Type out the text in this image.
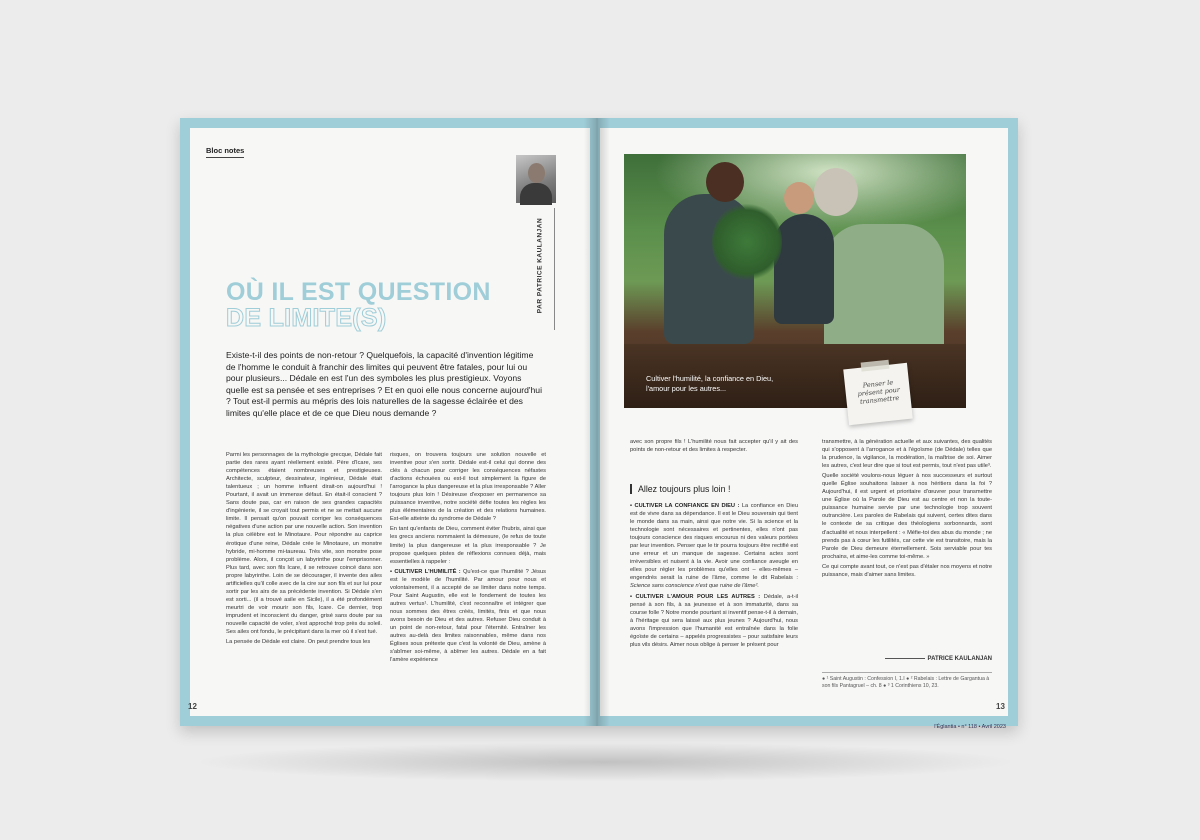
Bloc notes
PAR PATRICE KAULANJAN
OÙ IL EST QUESTION
DE LIMITE(S)
Existe-t-il des points de non-retour ? Quelquefois, la capacité d'invention légitime de l'homme le conduit à franchir des limites qui peuvent être fatales, pour lui ou pour plusieurs... Dédale en est l'un des symboles les plus prestigieux. Voyons quelle est sa pensée et ses entreprises ? Et en quoi elle nous concerne aujourd'hui ? Tout est-il permis au mépris des lois naturelles de la sagesse éclairée et des limites qu'elle place et de ce que Dieu nous demande ?

Parmi les personnages de la mythologie grecque, Dédale fait partie des rares ayant réellement existé. Père d'Icare, ses compétences étaient nombreuses et prestigieuses. Architecte, sculpteur, dessinateur, ingénieur, Dédale était talentueux ; un homme influent dirait-on aujourd'hui ! Pourtant, il avait un immense défaut. En était-il conscient ? Sans doute pas, car en raison de ses grandes capacités d'ingénierie, il se croyait tout permis et ne se mettait aucune limite. Il pensait qu'on pouvait corriger les conséquences négatives d'une action par une nouvelle action. Son invention la plus célèbre est le Minotaure. Pour répondre au caprice érotique d'une reine, Dédale crée le Minotaure, un monstre hybride, mi-homme mi-taureau. Très vite, son monstre pose problème. Alors, il conçoit un labyrinthe pour l'emprisonner. Plus tard, avec son fils Icare, il se retrouve coincé dans son propre labyrinthe. Loin de se décourager, il invente des ailes artificielles qu'il colle avec de la cire sur son fils et sur lui pour sortir par les airs de sa précédente invention. Si Dédale s'en est sorti... (il a trouvé asile en Sicile), il a été profondément meurtri de voir mourir son fils, Icare. Ce dernier, trop imprudent et inconscient du danger, grisé sans doute par sa nouvelle capacité de voler, s'est approché trop près du soleil. Ses ailes ont fondu, le précipitant dans la mer où il s'est tué.

La pensée de Dédale est claire. On peut prendre tous les

risques, on trouvera toujours une solution nouvelle et inventive pour s'en sortir. Dédale est-il celui qui donne des clés à chacun pour corriger les conséquences néfastes d'actions échouées ou est-il tout simplement la figure de l'arrogance la plus dangereuse et la plus irresponsable ? Aller toujours plus loin ! Désireuse d'exposer en permanence sa puissance inventive, notre société défie toutes les règles les plus élémentaires de la création et des relations humaines. Est-elle atteinte du syndrome de Dédale ?

En tant qu'enfants de Dieu, comment éviter l'hubris, ainsi que les grecs anciens nommaient la démesure, (le refus de toute limite) la plus dangereuse et la plus irresponsable ? Je propose quelques pistes de réflexions connues déjà, mais essentielles à rappeler :

• CULTIVER L'HUMILITÉ : Qu'est-ce que l'humilité ? Jésus est le modèle de l'humilité. Par amour pour nous et volontairement, il a accepté de se limiter dans notre temps. Pour Saint Augustin, elle est le fondement de toutes les autres vertus¹. L'humilité, c'est reconnaître et intégrer que nous sommes des êtres créés, limités, finis et que nous avons besoin de Dieu et des autres. Refuser Dieu conduit à un point de non-retour, fatal pour l'éternité. Entraîner les autres au-delà des limites raisonnables, même dans nos Églises sous prétexte que c'est la volonté de Dieu, amène à s'abîmer soi-même, à abîmer les autres. Dédale en a fait l'amère expérience

12
Cultiver l'humilité, la confiance en Dieu, l'amour pour les autres...	Penser le présent pour transmettre

avec son propre fils ! L'humilité nous fait accepter qu'il y ait des points de non-retour et des limites à respecter.

Allez toujours plus loin !

• CULTIVER LA CONFIANCE EN DIEU : La confiance en Dieu est de vivre dans sa dépendance. Il est le Dieu souverain qui tient le monde dans sa main, ainsi que notre vie. Si la science et la technologie sont nécessaires et pertinentes, elles n'ont pas toujours conscience des risques encourus ni des valeurs portées par leur invention. Penser que le tir pourra toujours être rectifié est une erreur et un manque de sagesse. Certains actes sont irréversibles et nuisent à la vie. Avoir une confiance aveugle en elles pour régler les problèmes qu'elles ont – elles-mêmes – engendrés serait la ruine de l'âme, comme le dit Rabelais : Science sans conscience n'est que ruine de l'âme².

• CULTIVER L'AMOUR POUR LES AUTRES : Dédale, a-t-il pensé à son fils, à sa jeunesse et à son immaturité, dans sa course folle ? Notre monde pourtant si inventif pense-t-il à demain, à l'héritage qui sera laissé aux plus jeunes ? Aujourd'hui, nous avons l'impression que l'humanité est entraînée dans la folie égoïste de certains – appelés progressistes – pour satisfaire leurs plus vils désirs. Aimer nous oblige à penser le présent pour

transmettre, à la génération actuelle et aux suivantes, des qualités qui s'opposent à l'arrogance et à l'égoïsme (de Dédale) telles que la prudence, la vigilance, la modération, la maîtrise de soi. Aimer les autres, c'est leur dire que si tout est permis, tout n'est pas utile³.

Quelle société voulons-nous léguer à nos successeurs et surtout quelle Église souhaitons laisser à nos héritiers dans la foi ? Aujourd'hui, il est urgent et prioritaire d'œuvrer pour transmettre une Église où la Parole de Dieu est au centre et non la toute-puissance humaine servie par une technologie trop souvent outrancière. Les paroles de Rabelais qui suivent, certes dites dans le contexte de sa critique des théologiens sorbonnards, sont d'actualité et nous interpellent : « Méfie-toi des abus du monde ; ne prends pas à cœur les futilités, car cette vie est transitoire, mais la Parole de Dieu demeure éternellement. Sois serviable pour tes prochains, et aime-les comme toi-même. »

Ce qui compte avant tout, ce n'est pas d'étaler nos moyens et notre puissance, mais d'aimer sans limites.

PATRICE KAULANJAN
● ¹ Saint Augustin : Confession I, 1.I ● ² Rabelais : Lettre de Gargantua à son fils Pantagruel – ch. 8 ● ³ 1 Corinthiens 10, 23.
13
l'Églantia • n° 118 • Avril 2023
